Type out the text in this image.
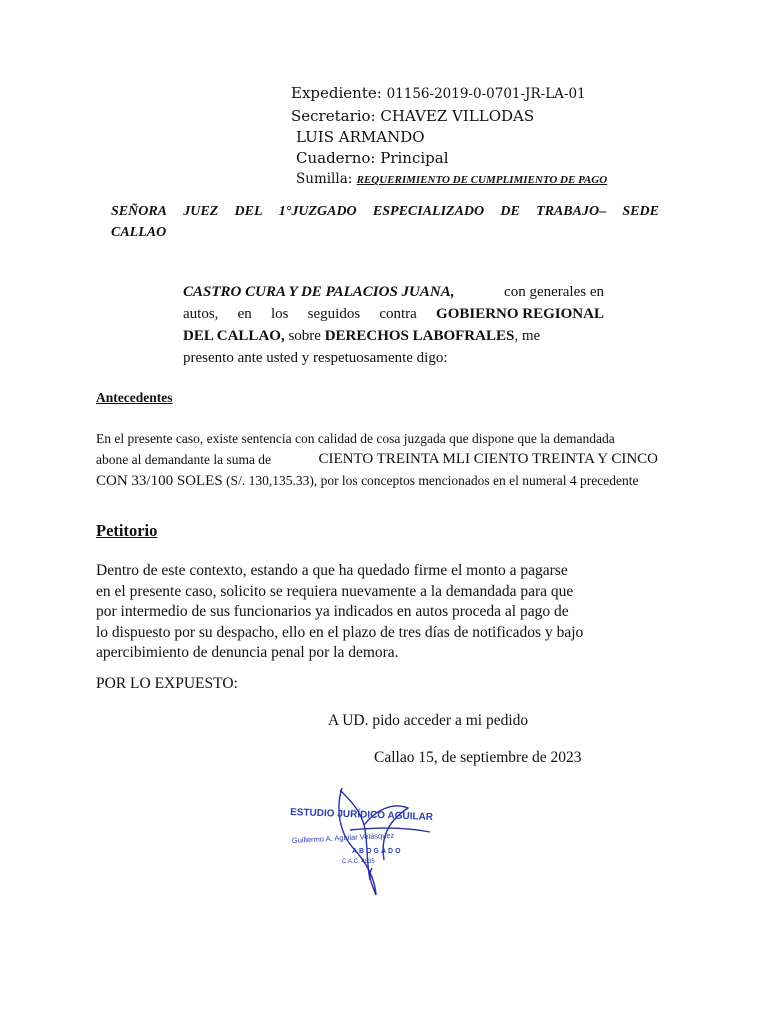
Expediente: 01156-2019-0-0701-JR-LA-01
Secretario: CHAVEZ VILLODAS
LUIS ARMANDO
Cuaderno: Principal
Sumilla: REQUERIMIENTO DE CUMPLIMIENTO DE PAGO
SEÑORA JUEZ DEL 1°JUZGADO ESPECIALIZADO DE TRABAJO– SEDE
CALLAO
CASTRO CURA Y DE PALACIOS JUANA,	con generales en
autos, en los seguidos contra GOBIERNO REGIONAL
DEL CALLAO, sobre DERECHOS LABOFRALES, me
presento ante usted y respetuosamente digo:
Antecedentes
En el presente caso, existe sentencia con calidad de cosa juzgada que dispone que la demandada
abone al demandante la suma de	CIENTO TREINTA MLI CIENTO TREINTA Y CINCO
CON 33/100 SOLES (S/. 130,135.33), por los conceptos mencionados en el numeral 4 precedente
Petitorio
Dentro de este contexto, estando a que ha quedado firme el monto a pagarse
en el presente caso, solicito se requiera nuevamente a la demandada para que
por intermedio de sus funcionarios ya indicados en autos proceda al pago de
lo dispuesto por su despacho, ello en el plazo de tres días de notificados y bajo
apercibimiento de denuncia penal por la demora.
POR LO EXPUESTO:
A UD. pido acceder a mi pedido
Callao 15, de septiembre de 2023
ESTUDIO JURÍDICO AGUILAR
Guillermo A. Aguilar Velásquez
ABOGADO
C.A.C. 4835
